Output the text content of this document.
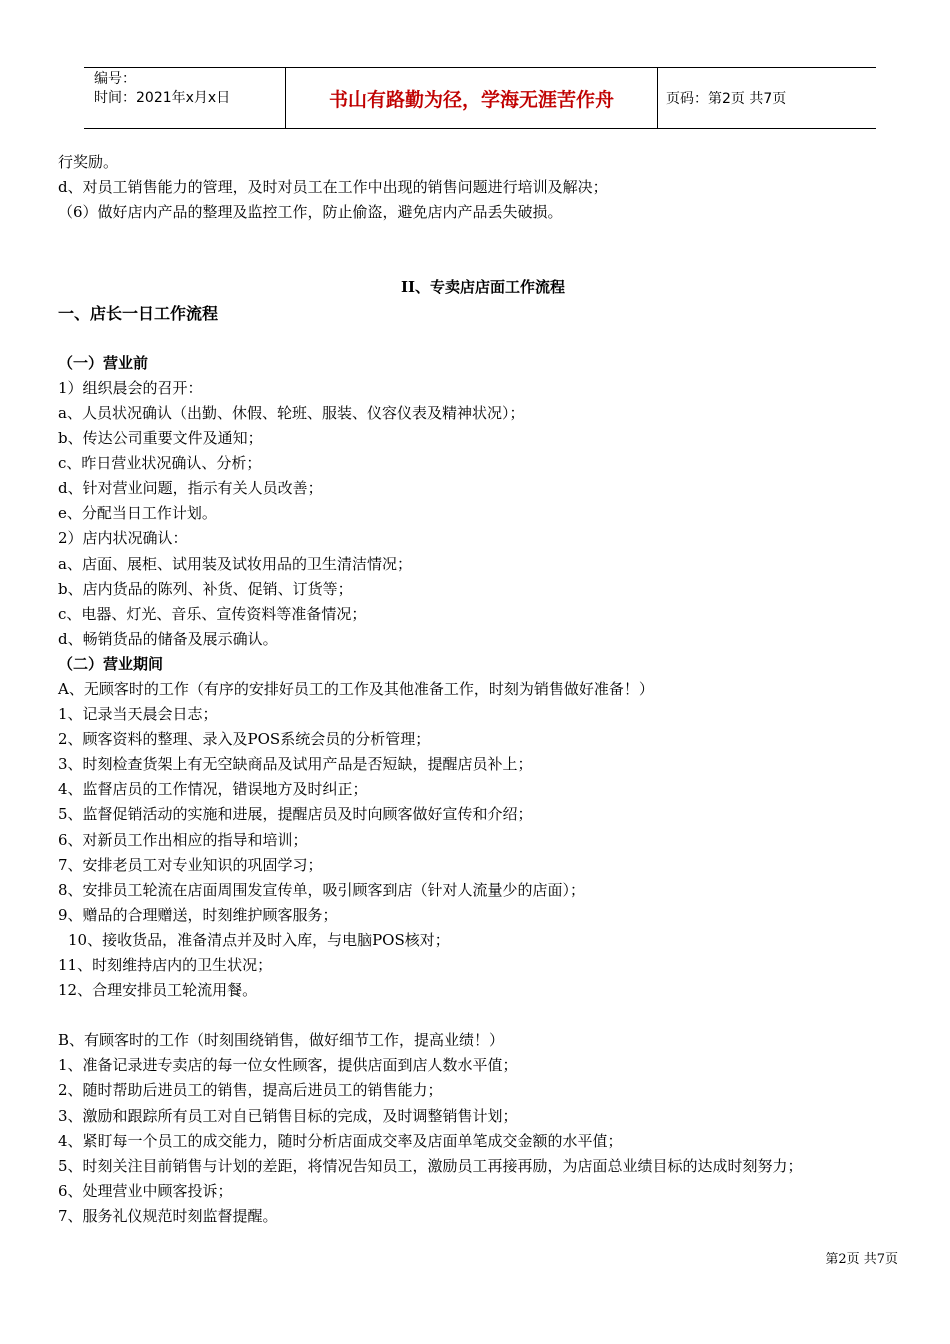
编号：
时间：2021年x月x日	书山有路勤为径，学海无涯苦作舟	页码：第2页 共7页
行奖励。
d、对员工销售能力的管理，及时对员工在工作中出现的销售问题进行培训及解决；
（6）做好店内产品的整理及监控工作，防止偷盗，避免店内产品丢失破损。
II、专卖店店面工作流程
一、店长一日工作流程
（一）营业前
1）组织晨会的召开：
a、人员状况确认（出勤、休假、轮班、服装、仪容仪表及精神状况）；
b、传达公司重要文件及通知；
c、昨日营业状况确认、分析；
d、针对营业问题，指示有关人员改善；
e、分配当日工作计划。
2）店内状况确认：
a、店面、展柜、试用装及试妆用品的卫生清洁情况；
b、店内货品的陈列、补货、促销、订货等；
c、电器、灯光、音乐、宣传资料等准备情况；
d、畅销货品的储备及展示确认。
（二）营业期间
A、无顾客时的工作（有序的安排好员工的工作及其他准备工作，时刻为销售做好准备！）
1、记录当天晨会日志；
2、顾客资料的整理、录入及POS系统会员的分析管理；
3、时刻检查货架上有无空缺商品及试用产品是否短缺，提醒店员补上；
4、监督店员的工作情况，错误地方及时纠正；
5、监督促销活动的实施和进展，提醒店员及时向顾客做好宣传和介绍；
6、对新员工作出相应的指导和培训；
7、安排老员工对专业知识的巩固学习；
8、安排员工轮流在店面周围发宣传单，吸引顾客到店（针对人流量少的店面）；
9、赠品的合理赠送，时刻维护顾客服务；
10、接收货品，准备清点并及时入库，与电脑POS核对；
11、时刻维持店内的卫生状况；
12、合理安排员工轮流用餐。
B、有顾客时的工作（时刻围绕销售，做好细节工作，提高业绩！）
1、准备记录进专卖店的每一位女性顾客，提供店面到店人数水平值；
2、随时帮助后进员工的销售，提高后进员工的销售能力；
3、激励和跟踪所有员工对自已销售目标的完成，及时调整销售计划；
4、紧盯每一个员工的成交能力，随时分析店面成交率及店面单笔成交金额的水平值；
5、时刻关注目前销售与计划的差距，将情况告知员工，激励员工再接再励，为店面总业绩目标的达成时刻努力；
6、处理营业中顾客投诉；
7、服务礼仪规范时刻监督提醒。
第2页 共7页
